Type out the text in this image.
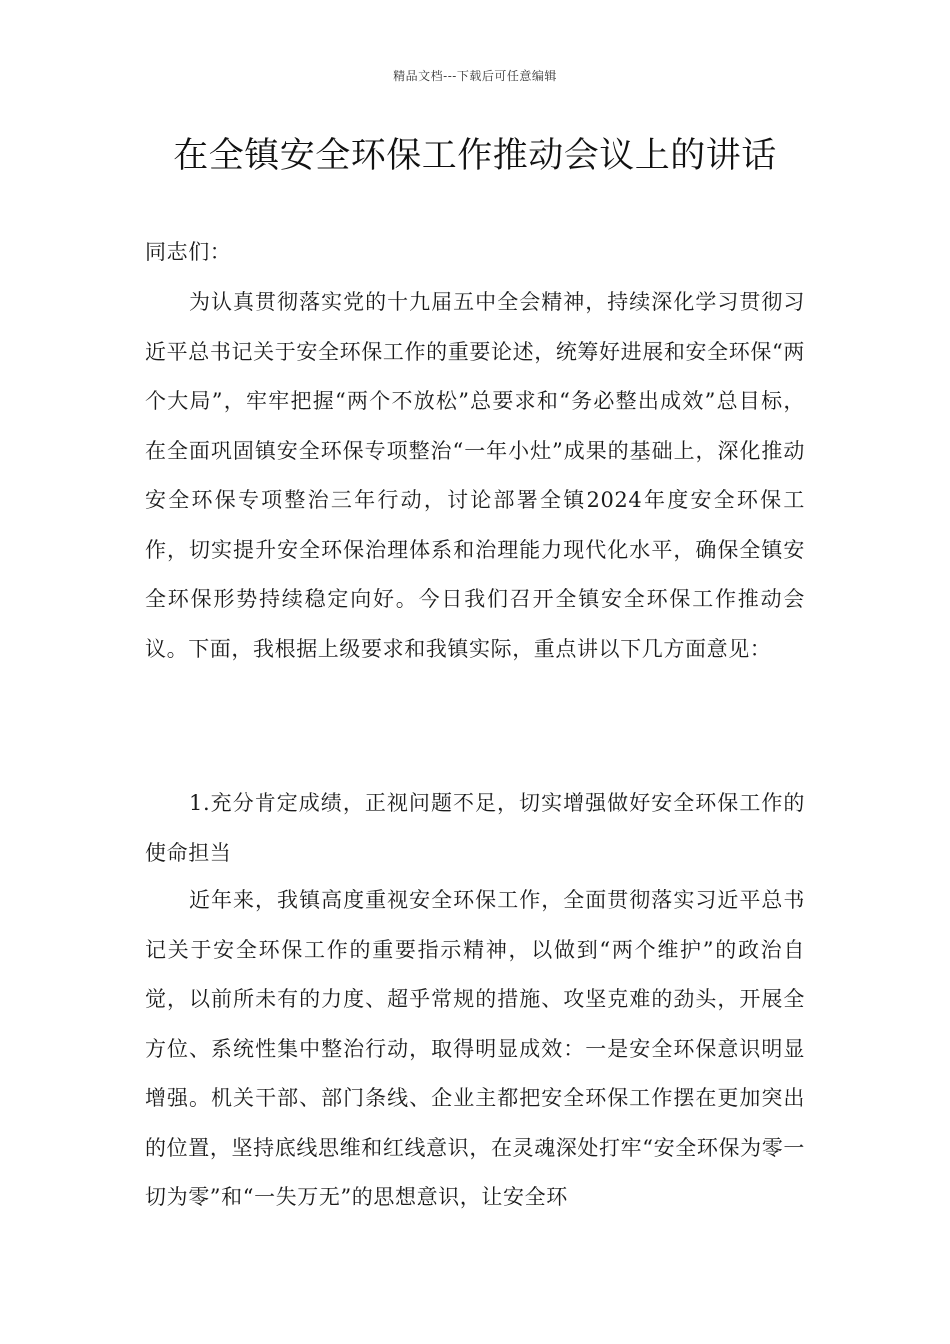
精品文档---下载后可任意编辑
在全镇安全环保工作推动会议上的讲话

同志们：

为认真贯彻落实党的十九届五中全会精神，持续深化学习贯彻习近平总书记关于安全环保工作的重要论述，统筹好进展和安全环保“两个大局”，牢牢把握“两个不放松”总要求和“务必整出成效”总目标，在全面巩固镇安全环保专项整治“一年小灶”成果的基础上，深化推动安全环保专项整治三年行动，讨论部署全镇2024年度安全环保工作，切实提升安全环保治理体系和治理能力现代化水平，确保全镇安全环保形势持续稳定向好。今日我们召开全镇安全环保工作推动会议。下面，我根据上级要求和我镇实际，重点讲以下几方面意见：

1.充分肯定成绩，正视问题不足，切实增强做好安全环保工作的使命担当

近年来，我镇高度重视安全环保工作，全面贯彻落实习近平总书记关于安全环保工作的重要指示精神，以做到“两个维护”的政治自觉，以前所未有的力度、超乎常规的措施、攻坚克难的劲头，开展全方位、系统性集中整治行动，取得明显成效：一是安全环保意识明显增强。机关干部、部门条线、企业主都把安全环保工作摆在更加突出的位置，坚持底线思维和红线意识，在灵魂深处打牢“安全环保为零一切为零”和“一失万无”的思想意识，让安全环
